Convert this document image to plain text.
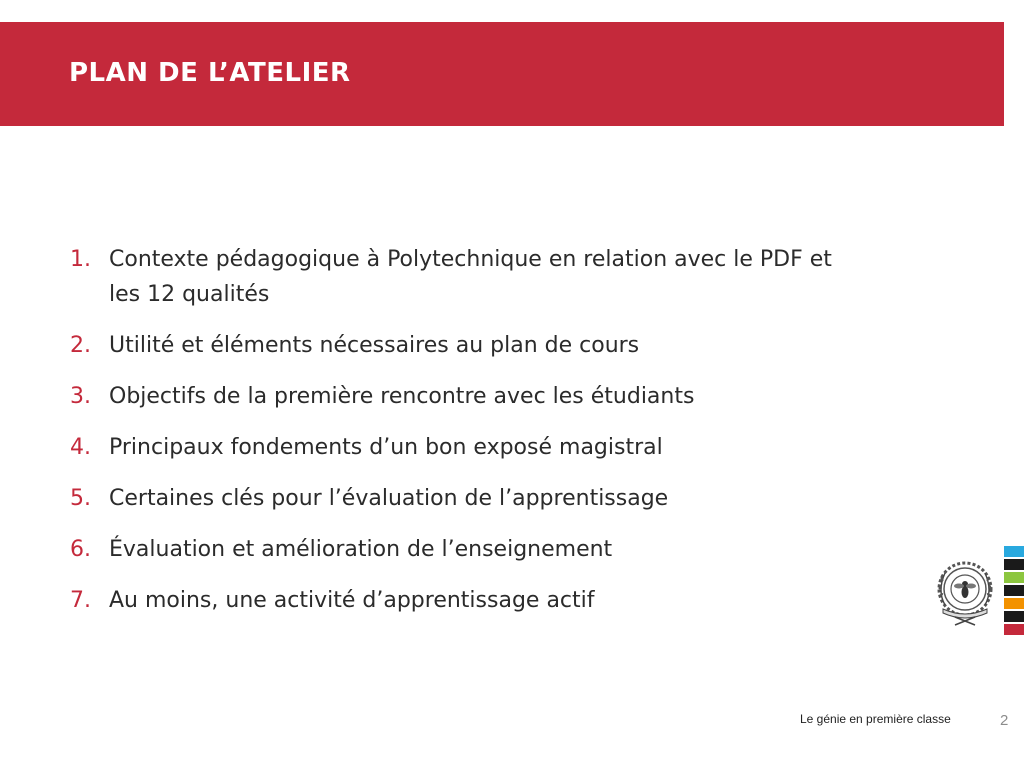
PLAN DE L’ATELIER
1. Contexte pédagogique à Polytechnique en relation avec le PDF et les 12 qualités
2. Utilité et éléments nécessaires au plan de cours
3. Objectifs de la première rencontre avec les étudiants
4. Principaux fondements d’un bon exposé magistral
5. Certaines clés pour l’évaluation de l’apprentissage
6. Évaluation et amélioration de l’enseignement
7. Au moins, une activité d’apprentissage actif
Le génie en première classe	2
